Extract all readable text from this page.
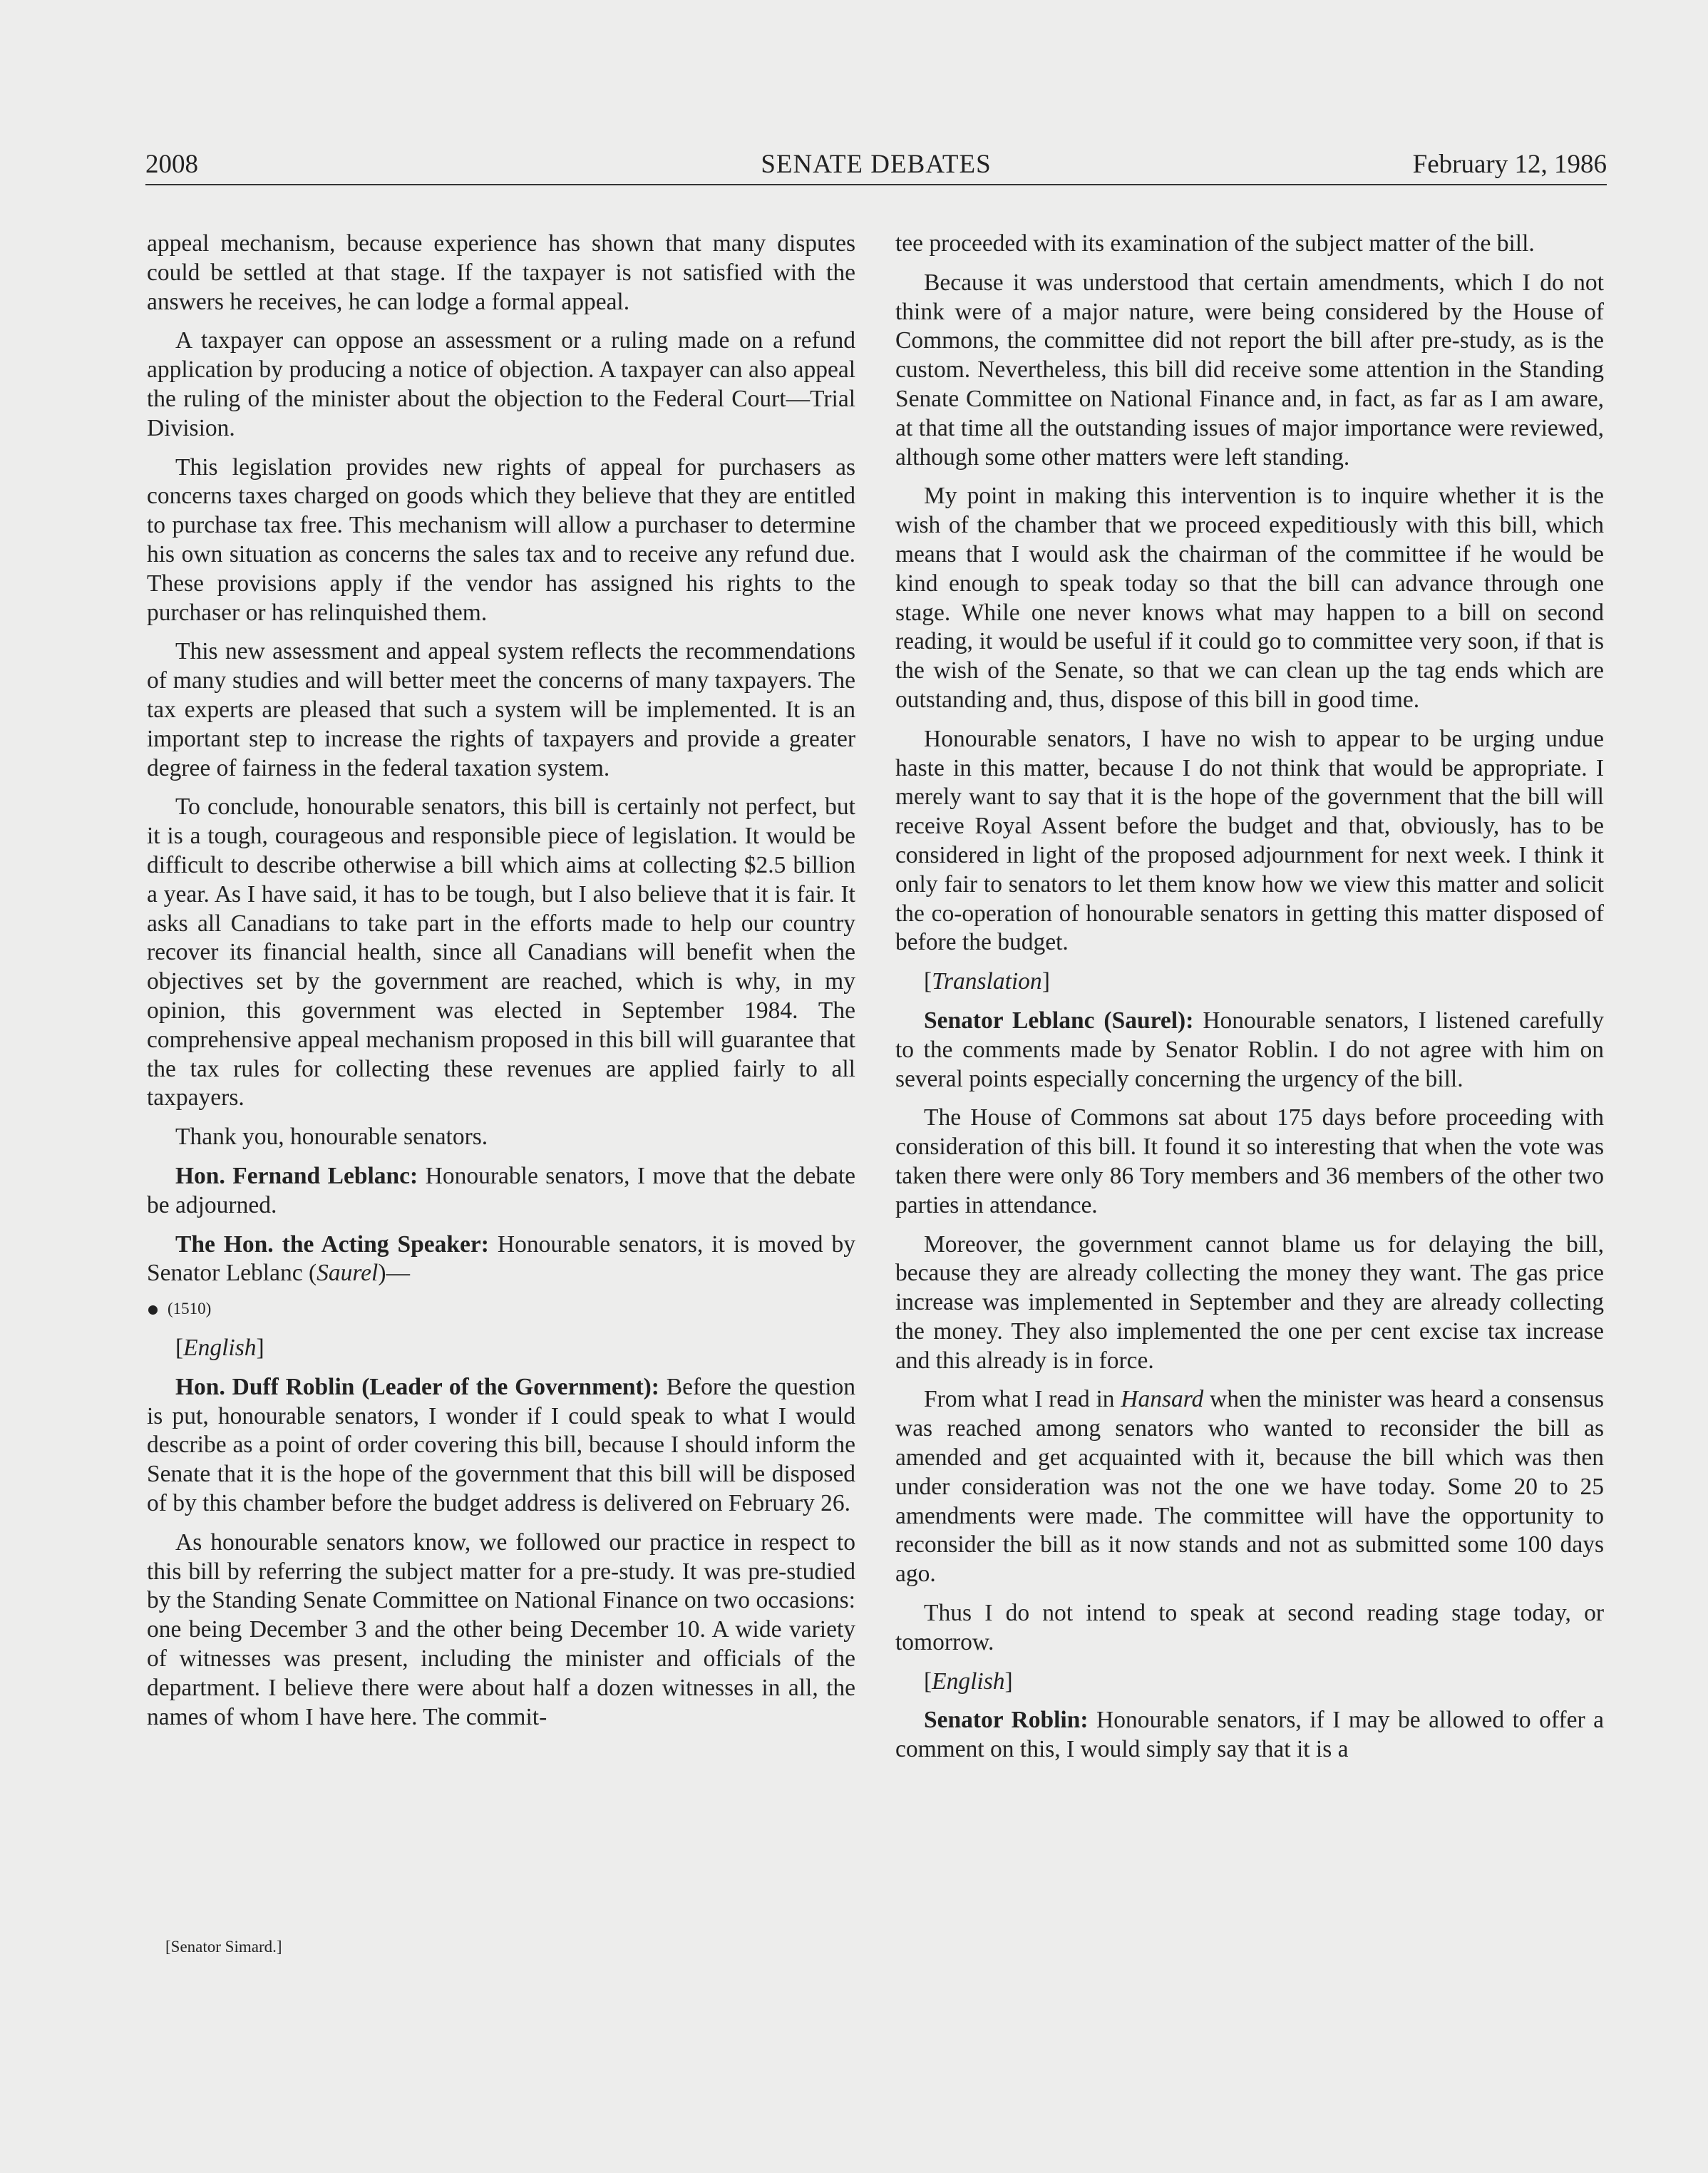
2008	SENATE DEBATES	February 12, 1986

appeal mechanism, because experience has shown that many disputes could be settled at that stage. If the taxpayer is not satisfied with the answers he receives, he can lodge a formal appeal.

A taxpayer can oppose an assessment or a ruling made on a refund application by producing a notice of objection. A taxpayer can also appeal the ruling of the minister about the objection to the Federal Court—Trial Division.

This legislation provides new rights of appeal for purchasers as concerns taxes charged on goods which they believe that they are entitled to purchase tax free. This mechanism will allow a purchaser to determine his own situation as concerns the sales tax and to receive any refund due. These provisions apply if the vendor has assigned his rights to the purchaser or has relinquished them.

This new assessment and appeal system reflects the recommendations of many studies and will better meet the concerns of many taxpayers. The tax experts are pleased that such a system will be implemented. It is an important step to increase the rights of taxpayers and provide a greater degree of fairness in the federal taxation system.

To conclude, honourable senators, this bill is certainly not perfect, but it is a tough, courageous and responsible piece of legislation. It would be difficult to describe otherwise a bill which aims at collecting $2.5 billion a year. As I have said, it has to be tough, but I also believe that it is fair. It asks all Canadians to take part in the efforts made to help our country recover its financial health, since all Canadians will benefit when the objectives set by the government are reached, which is why, in my opinion, this government was elected in September 1984. The comprehensive appeal mechanism proposed in this bill will guarantee that the tax rules for collecting these revenues are applied fairly to all taxpayers.

Thank you, honourable senators.

Hon. Fernand Leblanc: Honourable senators, I move that the debate be adjourned.

The Hon. the Acting Speaker: Honourable senators, it is moved by Senator Leblanc (Saurel)—

(1510)

[English]

Hon. Duff Roblin (Leader of the Government): Before the question is put, honourable senators, I wonder if I could speak to what I would describe as a point of order covering this bill, because I should inform the Senate that it is the hope of the government that this bill will be disposed of by this chamber before the budget address is delivered on February 26.

As honourable senators know, we followed our practice in respect to this bill by referring the subject matter for a pre-study. It was pre-studied by the Standing Senate Committee on National Finance on two occasions: one being December 3 and the other being December 10. A wide variety of witnesses was present, including the minister and officials of the department. I believe there were about half a dozen witnesses in all, the names of whom I have here. The commit-

tee proceeded with its examination of the subject matter of the bill.

Because it was understood that certain amendments, which I do not think were of a major nature, were being considered by the House of Commons, the committee did not report the bill after pre-study, as is the custom. Nevertheless, this bill did receive some attention in the Standing Senate Committee on National Finance and, in fact, as far as I am aware, at that time all the outstanding issues of major importance were reviewed, although some other matters were left standing.

My point in making this intervention is to inquire whether it is the wish of the chamber that we proceed expeditiously with this bill, which means that I would ask the chairman of the committee if he would be kind enough to speak today so that the bill can advance through one stage. While one never knows what may happen to a bill on second reading, it would be useful if it could go to committee very soon, if that is the wish of the Senate, so that we can clean up the tag ends which are outstanding and, thus, dispose of this bill in good time.

Honourable senators, I have no wish to appear to be urging undue haste in this matter, because I do not think that would be appropriate. I merely want to say that it is the hope of the government that the bill will receive Royal Assent before the budget and that, obviously, has to be considered in light of the proposed adjournment for next week. I think it only fair to senators to let them know how we view this matter and solicit the co-operation of honourable senators in getting this matter disposed of before the budget.

[Translation]

Senator Leblanc (Saurel): Honourable senators, I listened carefully to the comments made by Senator Roblin. I do not agree with him on several points especially concerning the urgency of the bill.

The House of Commons sat about 175 days before proceeding with consideration of this bill. It found it so interesting that when the vote was taken there were only 86 Tory members and 36 members of the other two parties in attendance.

Moreover, the government cannot blame us for delaying the bill, because they are already collecting the money they want. The gas price increase was implemented in September and they are already collecting the money. They also implemented the one per cent excise tax increase and this already is in force.

From what I read in Hansard when the minister was heard a consensus was reached among senators who wanted to reconsider the bill as amended and get acquainted with it, because the bill which was then under consideration was not the one we have today. Some 20 to 25 amendments were made. The committee will have the opportunity to reconsider the bill as it now stands and not as submitted some 100 days ago.

Thus I do not intend to speak at second reading stage today, or tomorrow.

[English]

Senator Roblin: Honourable senators, if I may be allowed to offer a comment on this, I would simply say that it is a

[Senator Simard.]
